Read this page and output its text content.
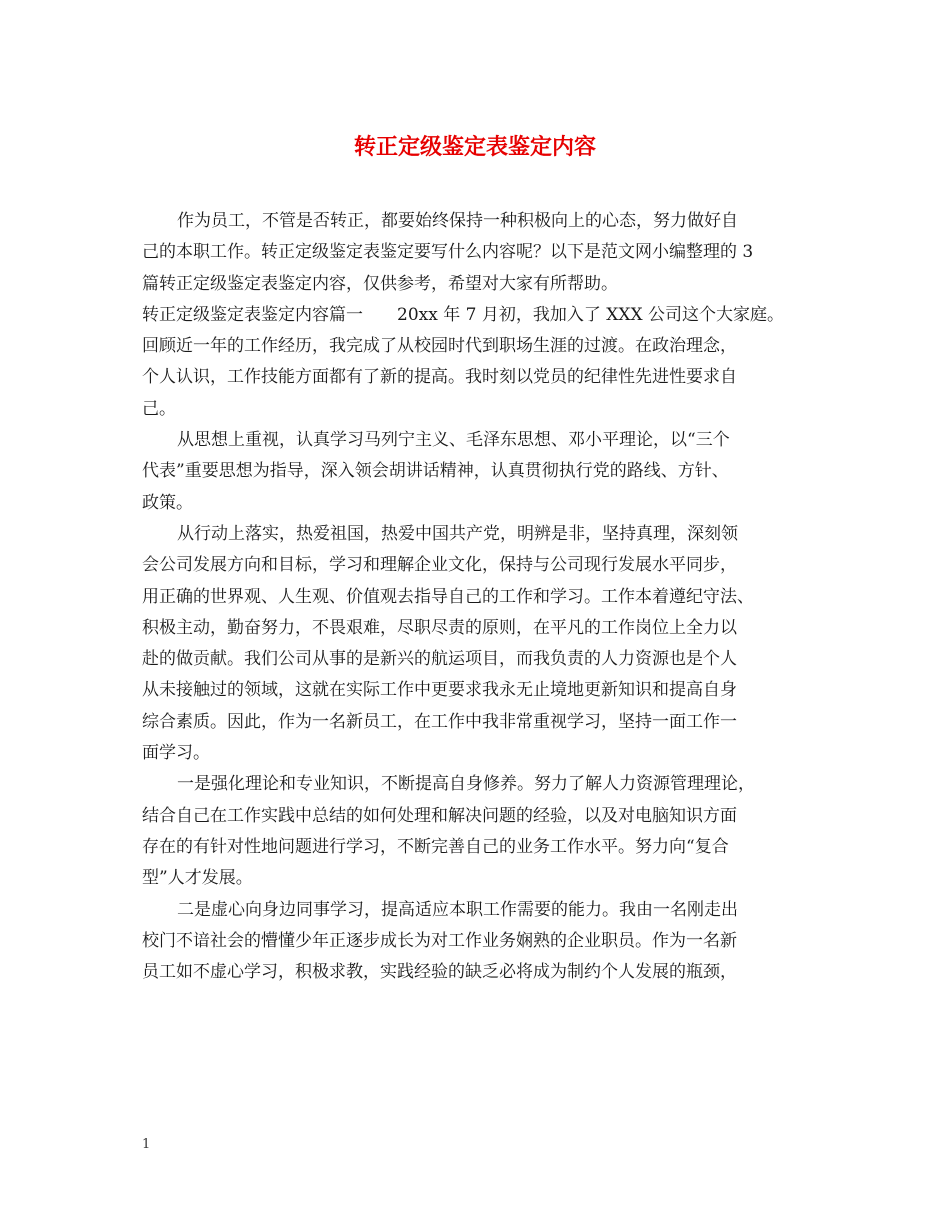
转正定级鉴定表鉴定内容
作为员工，不管是否转正，都要始终保持一种积极向上的心态，努力做好自
己的本职工作。转正定级鉴定表鉴定要写什么内容呢？以下是范文网小编整理的 3
篇转正定级鉴定表鉴定内容，仅供参考，希望对大家有所帮助。
转正定级鉴定表鉴定内容篇一　　20xx 年 7 月初，我加入了 XXX 公司这个大家庭。
回顾近一年的工作经历，我完成了从校园时代到职场生涯的过渡。在政治理念，
个人认识，工作技能方面都有了新的提高。我时刻以党员的纪律性先进性要求自
己。
从思想上重视，认真学习马列宁主义、毛泽东思想、邓小平理论，以“三个
代表”重要思想为指导，深入领会胡讲话精神，认真贯彻执行党的路线、方针、
政策。
从行动上落实，热爱祖国，热爱中国共产党，明辨是非，坚持真理，深刻领
会公司发展方向和目标，学习和理解企业文化，保持与公司现行发展水平同步，
用正确的世界观、人生观、价值观去指导自己的工作和学习。工作本着遵纪守法、
积极主动，勤奋努力，不畏艰难，尽职尽责的原则，在平凡的工作岗位上全力以
赴的做贡献。我们公司从事的是新兴的航运项目，而我负责的人力资源也是个人
从未接触过的领域，这就在实际工作中更要求我永无止境地更新知识和提高自身
综合素质。因此，作为一名新员工，在工作中我非常重视学习，坚持一面工作一
面学习。
一是强化理论和专业知识，不断提高自身修养。努力了解人力资源管理理论，
结合自己在工作实践中总结的如何处理和解决问题的经验，以及对电脑知识方面
存在的有针对性地问题进行学习，不断完善自己的业务工作水平。努力向“复合
型”人才发展。
二是虚心向身边同事学习，提高适应本职工作需要的能力。我由一名刚走出
校门不谙社会的懵懂少年正逐步成长为对工作业务娴熟的企业职员。作为一名新
员工如不虚心学习，积极求教，实践经验的缺乏必将成为制约个人发展的瓶颈，
1
